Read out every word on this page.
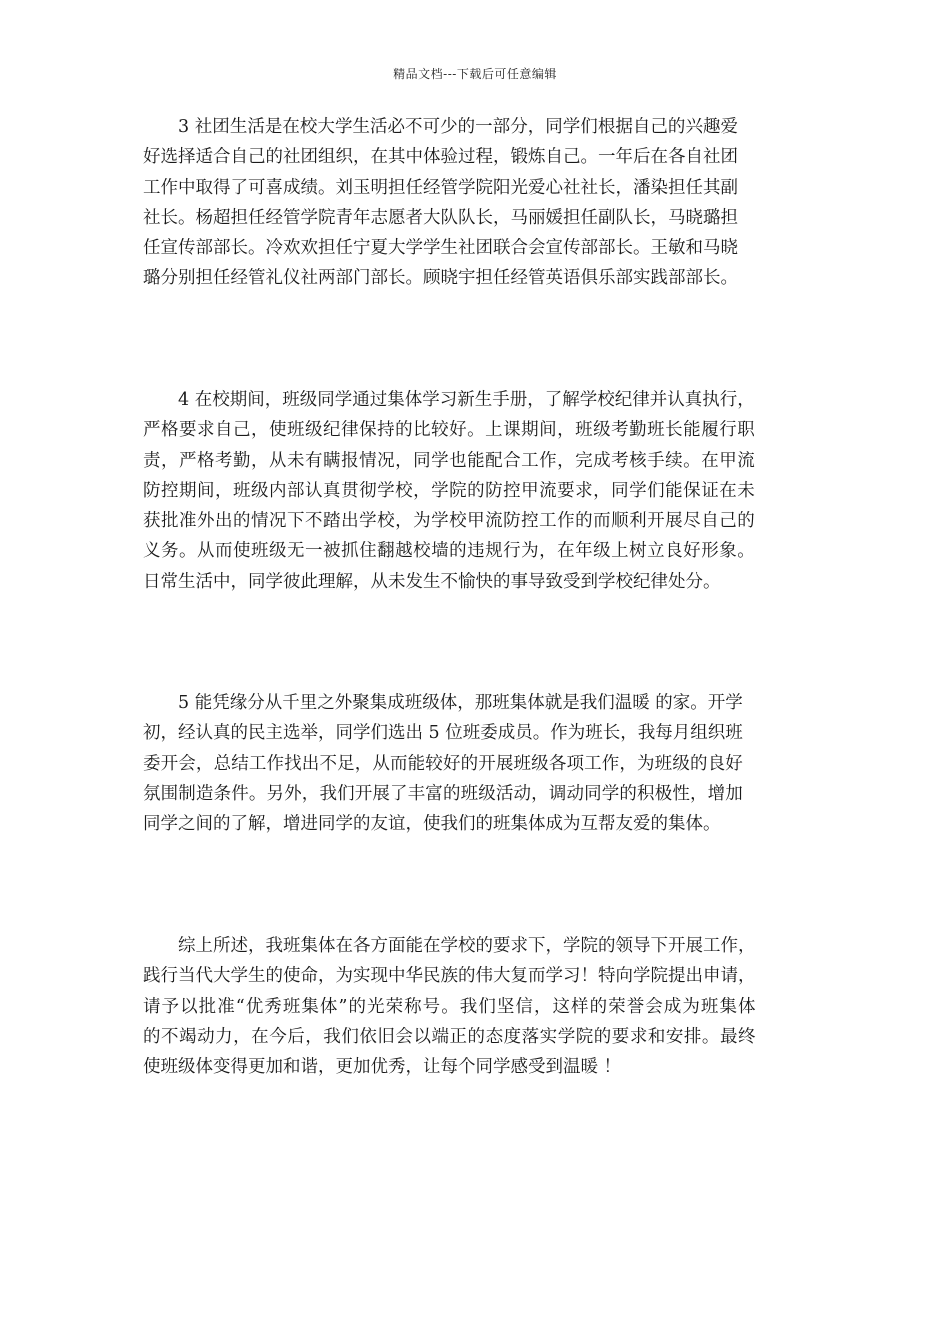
精品文档---下载后可任意编辑
　　3 社团生活是在校大学生活必不可少的一部分，同学们根据自己的兴趣爱
好选择适合自己的社团组织，在其中体验过程，锻炼自己。一年后在各自社团
工作中取得了可喜成绩。刘玉明担任经管学院阳光爱心社社长，潘染担任其副
社长。杨超担任经管学院青年志愿者大队队长，马丽媛担任副队长，马晓璐担
任宣传部部长。冷欢欢担任宁夏大学学生社团联合会宣传部部长。王敏和马晓
璐分别担任经管礼仪社两部门部长。顾晓宇担任经管英语俱乐部实践部部长。
　　4 在校期间，班级同学通过集体学习新生手册，了解学校纪律并认真执行，
严格要求自己，使班级纪律保持的比较好。上课期间，班级考勤班长能履行职
责，严格考勤，从未有瞒报情况，同学也能配合工作，完成考核手续。在甲流
防控期间，班级内部认真贯彻学校，学院的防控甲流要求，同学们能保证在未
获批准外出的情况下不踏出学校，为学校甲流防控工作的而顺利开展尽自己的
义务。从而使班级无一被抓住翻越校墙的违规行为，在年级上树立良好形象。
日常生活中，同学彼此理解，从未发生不愉快的事导致受到学校纪律处分。
　　5 能凭缘分从千里之外聚集成班级体，那班集体就是我们温暖 的家。开学
初，经认真的民主选举，同学们选出 5 位班委成员。作为班长，我每月组织班
委开会，总结工作找出不足，从而能较好的开展班级各项工作，为班级的良好
氛围制造条件。另外，我们开展了丰富的班级活动，调动同学的积极性，增加
同学之间的了解，增进同学的友谊，使我们的班集体成为互帮友爱的集体。
　　综上所述，我班集体在各方面能在学校的要求下，学院的领导下开展工作，
践行当代大学生的使命，为实现中华民族的伟大复而学习！特向学院提出申请，
请予以批准“优秀班集体”的光荣称号。我们坚信，这样的荣誉会成为班集体
的不竭动力，在今后，我们依旧会以端正的态度落实学院的要求和安排。最终
使班级体变得更加和谐，更加优秀，让每个同学感受到温暖 ！
